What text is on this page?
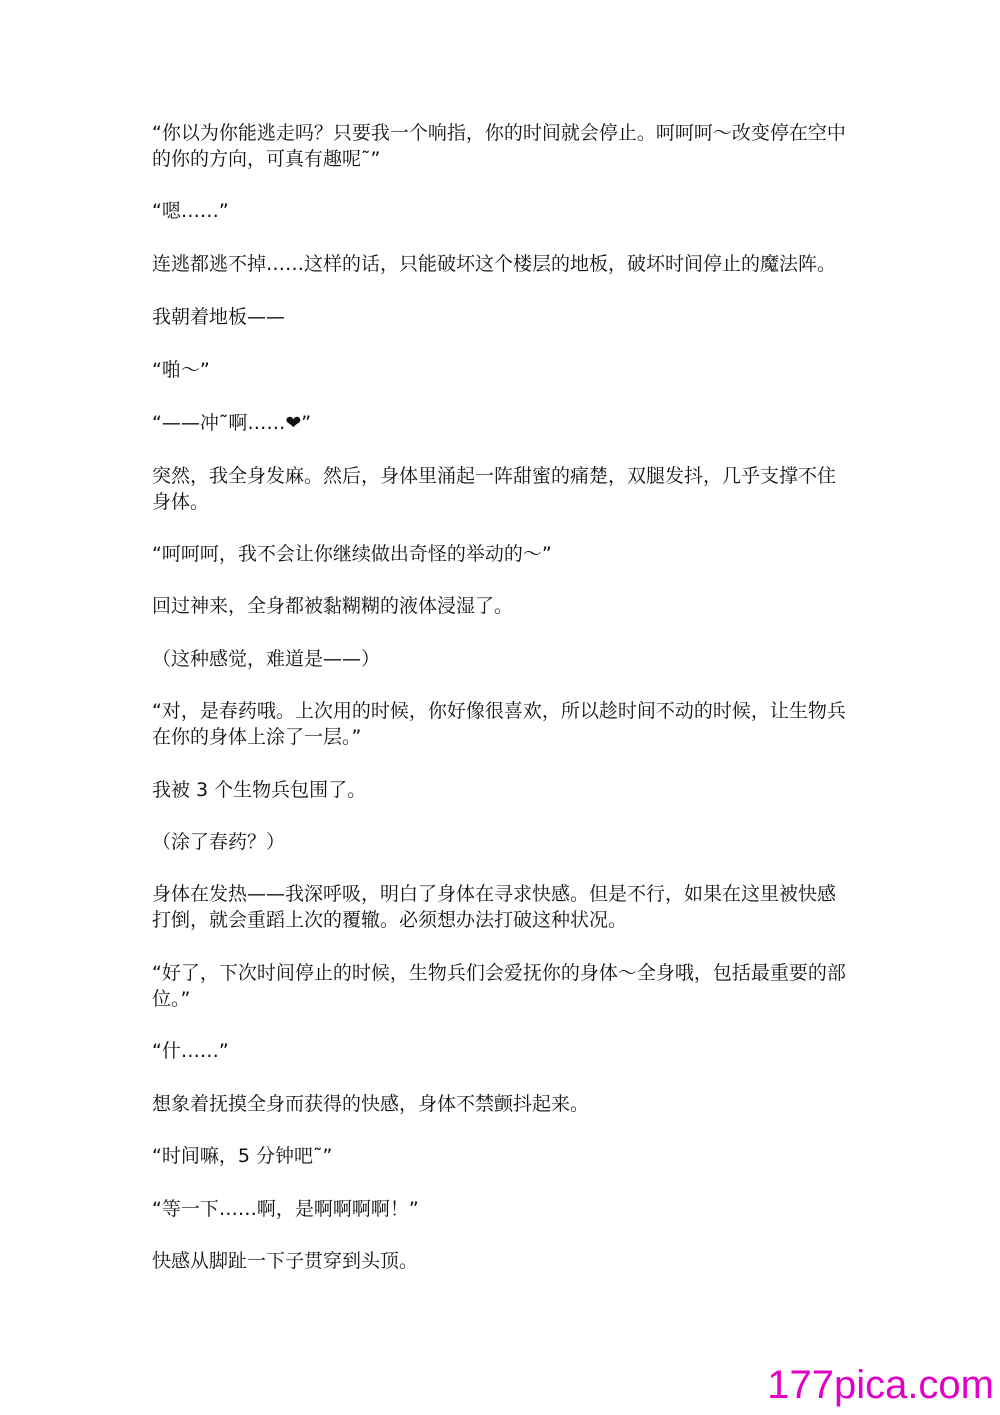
“你以为你能逃走吗？只要我一个响指，你的时间就会停止。呵呵呵～改变停在空中的你的方向，可真有趣呢˜”

“嗯……”

连逃都逃不掉……这样的话，只能破坏这个楼层的地板，破坏时间停止的魔法阵。

我朝着地板——

“啪～”

“——冲˜啊……❤”

突然，我全身发麻。然后，身体里涌起一阵甜蜜的痛楚，双腿发抖，几乎支撑不住身体。

“呵呵呵，我不会让你继续做出奇怪的举动的～”

回过神来，全身都被黏糊糊的液体浸湿了。

（这种感觉，难道是——）

“对，是春药哦。上次用的时候，你好像很喜欢，所以趁时间不动的时候，让生物兵在你的身体上涂了一层。”

我被 3 个生物兵包围了。

（涂了春药？）

身体在发热——我深呼吸，明白了身体在寻求快感。但是不行，如果在这里被快感打倒，就会重蹈上次的覆辙。必须想办法打破这种状况。

“好了，下次时间停止的时候，生物兵们会爱抚你的身体～全身哦，包括最重要的部位。”

“什……”

想象着抚摸全身而获得的快感，身体不禁颤抖起来。

“时间嘛，5 分钟吧˜”

“等一下……啊，是啊啊啊啊！”

快感从脚趾一下子贯穿到头顶。

177pica.com
